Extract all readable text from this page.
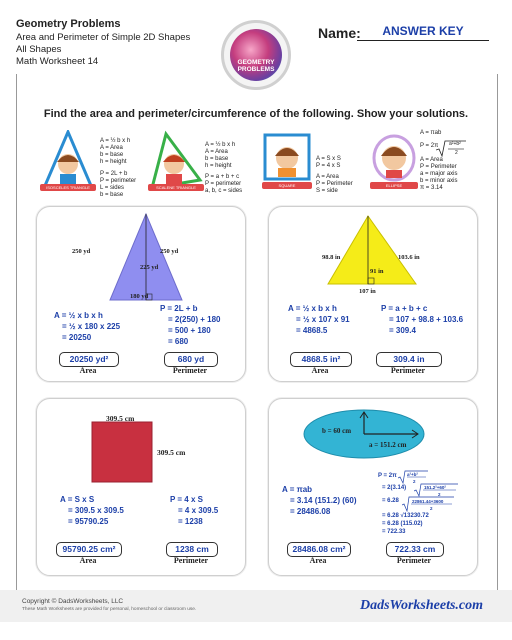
Geometry Problems
Area and Perimeter of Simple 2D Shapes
All Shapes
Math Worksheet 14	GEOMETRY
PROBLEMS
Name:	ANSWER KEY
Find the area and perimeter/circumference of the following. Show your solutions.
ISOSCELES TRIANGLE
A = ½ b x h
A = Area
b = base
h = height
P = 2L + b
P = perimeter
L = sides
b = base
SCALENE TRIANGLE
A = ½ b x h
A = Area
b = base
h = height
P = a + b + c
P = perimeter
a, b, c = sides
SQUARE
A = S x S
P = 4 x S
A = Area
P = Perimeter
S = side
ELLIPSE
A = πab
P = 2π a²+b²
2
A = Area
P = Perimeter
a = major axis
b = minor axis
π = 3.14
250 yd	250 yd
225 yd
180 yd
A = ½ x b x h
= ½ x 180 x 225
= 20250
P = 2L + b
= 2(250) + 180
= 500 + 180
= 680
20250 yd²	680 yd
Area	Perimeter
98.8 in	103.6 in
91 in
107 in
A = ½ x b x h
= ½ x 107 x 91
= 4868.5
P = a + b + c
= 107 + 98.8 + 103.6
= 309.4
4868.5 in²	309.4 in
Area	Perimeter
309.5 cm
309.5 cm
A = S x S
= 309.5 x 309.5
= 95790.25
P = 4 x S
= 4 x 309.5
= 1238
95790.25 cm²	1238 cm
Area	Perimeter
b = 60 cm
a = 151.2 cm
A = πab
= 3.14 (151.2) (60)
= 28486.08
P = 2π a²+b²
2
= 2(3.14)	151.2²+60²
2
= 6.28	22861.44+3600
2
= 6.28 √13230.72
= 6.28 (115.02)
= 722.33
28486.08 cm²	722.33 cm
Area	Perimeter
Copyright © DadsWorksheets, LLC
These Math Worksheets are provided for personal, homeschool or classroom use.	DadsWorksheets.com
